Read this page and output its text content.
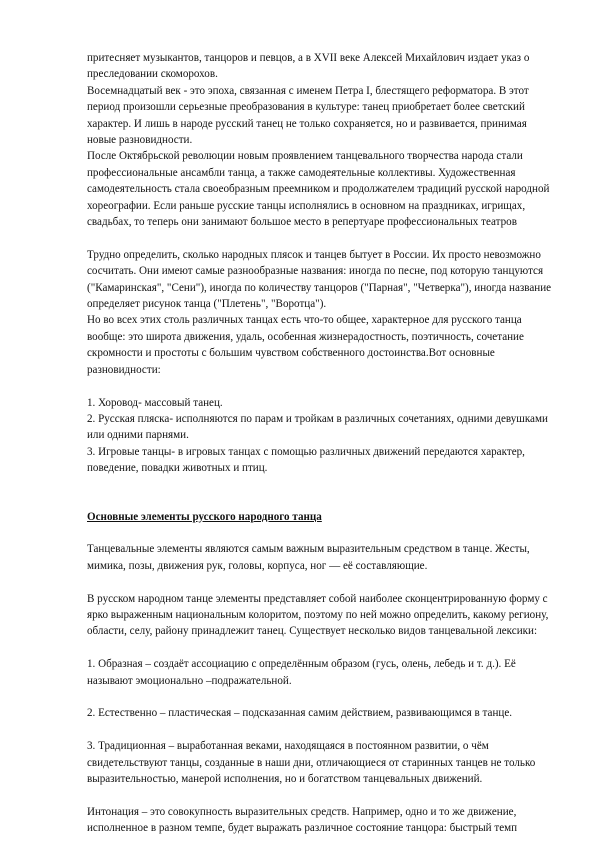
притесняет музыкантов, танцоров и певцов, а в XVII веке Алексей Михайлович издает указ о преследовании скоморохов.

Восемнадцатый век - это эпоха, связанная с именем Петра I, блестящего реформатора. В этот период произошли серьезные преобразования в культуре: танец приобретает более светский характер. И лишь в народе русский танец не только сохраняется, но и развивается, принимая новые разновидности.

После Октябрьской революции новым проявлением танцевального творчества народа стали профессиональные ансамбли танца, а также самодеятельные коллективы. Художественная самодеятельность стала своеобразным преемником и продолжателем традиций русской народной хореографии. Если раньше русские танцы исполнялись в основном на праздниках, игрищах, свадьбах, то теперь они занимают большое место в репертуаре профессиональных театров

Трудно определить, сколько народных плясок и танцев бытует в России. Их просто невозможно сосчитать. Они имеют самые разнообразные названия: иногда по песне, под которую танцуются ("Камаринская", "Сени"), иногда по количеству танцоров ("Парная", "Четверка"), иногда название определяет рисунок танца ("Плетень", "Воротца").

Но во всех этих столь различных танцах есть что-то общее, характерное для русского танца вообще: это широта движения, удаль, особенная жизнерадостность, поэтичность, сочетание скромности и простоты с большим чувством собственного достоинства.Вот основные разновидности:

1. Хоровод- массовый танец.

2. Русская пляска- исполняются по парам и тройкам в различных сочетаниях, одними девушками или одними парнями.

3. Игровые танцы- в игровых танцах с помощью различных движений передаются характер, поведение, повадки животных и птиц.

Основные элементы русского народного танца

Танцевальные элементы являются самым важным выразительным средством в танце. Жесты, мимика, позы, движения рук, головы, корпуса, ног — её составляющие.

В русском народном танце элементы представляет собой наиболее сконцентрированную форму с ярко выраженным национальным колоритом, поэтому по ней можно определить, какому региону, области, селу, району принадлежит танец. Существует несколько видов танцевальной лексики:

1. Образная – создаёт ассоциацию с определённым образом (гусь, олень, лебедь и т. д.). Её называют эмоционально –подражательной.

2. Естественно – пластическая – подсказанная самим действием, развивающимся в танце.

3. Традиционная – выработанная веками, находящаяся в постоянном развитии, о чём свидетельствуют танцы, созданные в наши дни, отличающиеся от старинных танцев не только выразительностью, манерой исполнения, но и богатством танцевальных движений.

Интонация – это совокупность выразительных средств. Например, одно и то же движение, исполненное в разном темпе, будет выражать различное состояние танцора: быстрый темп
